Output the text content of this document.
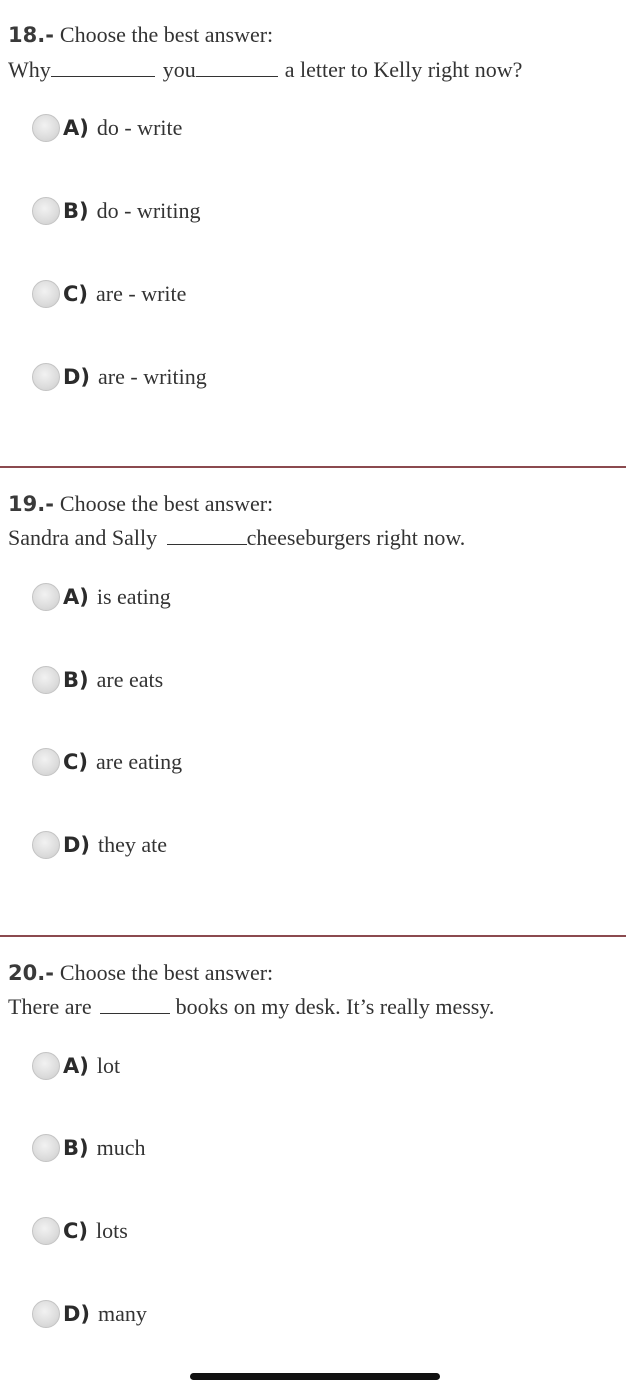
18.- Choose the best answer:
Why	you	a letter to Kelly right now?
A) do - write
B) do - writing
C) are - write
D) are - writing
19.- Choose the best answer:
Sandra and Sally	cheeseburgers right now.
A) is eating
B) are eats
C) are eating
D) they ate
20.- Choose the best answer:
There are	books on my desk. It’s really messy.
A) lot
B) much
C) lots
D) many
